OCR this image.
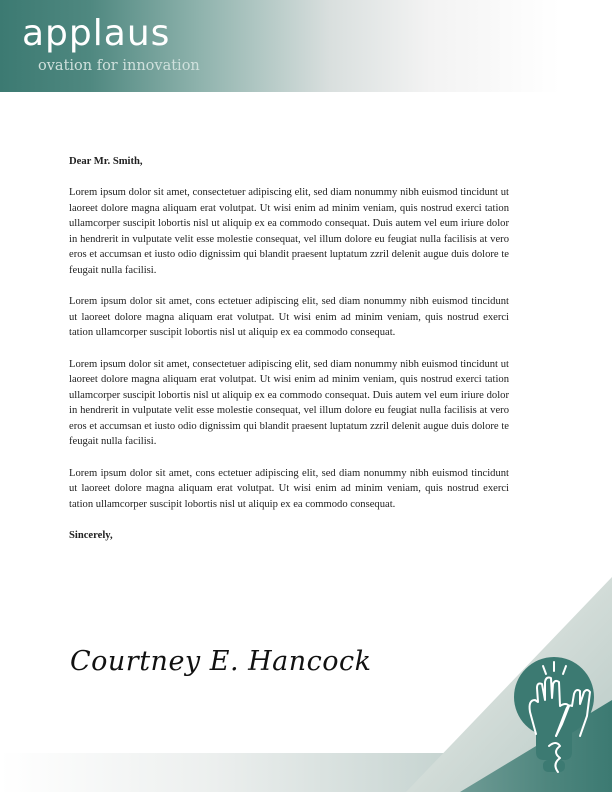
applaus
ovation for innovation

Dear Mr. Smith,

Lorem ipsum dolor sit amet, consectetuer adipiscing elit, sed diam nonummy nibh euismod tincidunt ut laoreet dolore magna aliquam erat volutpat. Ut wisi enim ad minim veniam, quis nostrud exerci tation ullamcorper suscipit lobortis nisl ut aliquip ex ea commodo consequat. Duis autem vel eum iriure dolor in hendrerit in vulputate velit esse molestie consequat, vel illum dolore eu feugiat nulla facilisis at vero eros et accumsan et iusto odio dignissim qui blandit praesent luptatum zzril delenit augue duis dolore te feugait nulla facilisi.

Lorem ipsum dolor sit amet, cons ectetuer adipiscing elit, sed diam nonummy nibh euismod tincidunt ut laoreet dolore magna aliquam erat volutpat. Ut wisi enim ad minim veniam, quis nostrud exerci tation ullamcorper suscipit lobortis nisl ut aliquip ex ea commodo consequat.

Lorem ipsum dolor sit amet, consectetuer adipiscing elit, sed diam nonummy nibh euismod tincidunt ut laoreet dolore magna aliquam erat volutpat. Ut wisi enim ad minim veniam, quis nostrud exerci tation ullamcorper suscipit lobortis nisl ut aliquip ex ea commodo consequat. Duis autem vel eum iriure dolor in hendrerit in vulputate velit esse molestie consequat, vel illum dolore eu feugiat nulla facilisis at vero eros et accumsan et iusto odio dignissim qui blandit praesent luptatum zzril delenit augue duis dolore te feugait nulla facilisi.

Lorem ipsum dolor sit amet, cons ectetuer adipiscing elit, sed diam nonummy nibh euismod tincidunt ut laoreet dolore magna aliquam erat volutpat. Ut wisi enim ad minim veniam, quis nostrud exerci tation ullamcorper suscipit lobortis nisl ut aliquip ex ea commodo consequat.

Sincerely,

Courtney E. Hancock
